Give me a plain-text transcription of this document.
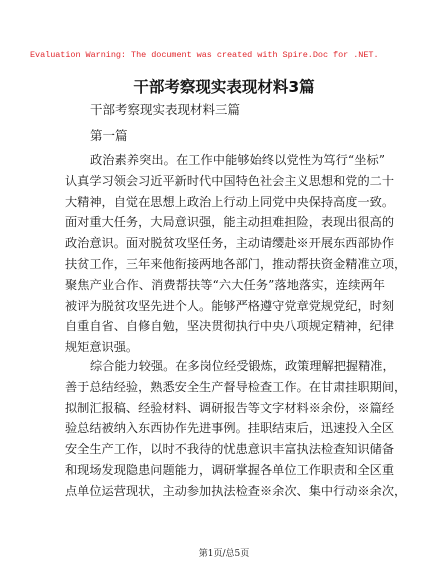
Evaluation Warning: The document was created with Spire.Doc for .NET.
干部考察现实表现材料3篇
干部考察现实表现材料三篇
第一篇

政治素养突出。在工作中能够始终以党性为笃行“坐标”
认真学习领会习近平新时代中国特色社会主义思想和党的二十
大精神，自觉在思想上政治上行动上同党中央保持高度一致。
面对重大任务，大局意识强，能主动担难担险，表现出很高的
政治意识。面对脱贫攻坚任务，主动请缨赴※开展东西部协作
扶贫工作，三年来他衔接两地各部门，推动帮扶资金精准立项，
聚焦产业合作、消费帮扶等“六大任务”落地落实，连续两年
被评为脱贫攻坚先进个人。能够严格遵守党章党规党纪，时刻
自重自省、自修自勉，坚决贯彻执行中央八项规定精神，纪律
规矩意识强。

综合能力较强。在多岗位经受锻炼，政策理解把握精准，
善于总结经验，熟悉安全生产督导检查工作。在甘肃挂职期间，
拟制汇报稿、经验材料、调研报告等文字材料※余份，※篇经
验总结被纳入东西协作先进事例。挂职结束后，迅速投入全区
安全生产工作，以时不我待的忧患意识丰富执法检查知识储备
和现场发现隐患问题能力，调研掌握各单位工作职责和全区重
点单位运营现状，主动参加执法检查※余次、集中行动※余次，

第1页/总5页
